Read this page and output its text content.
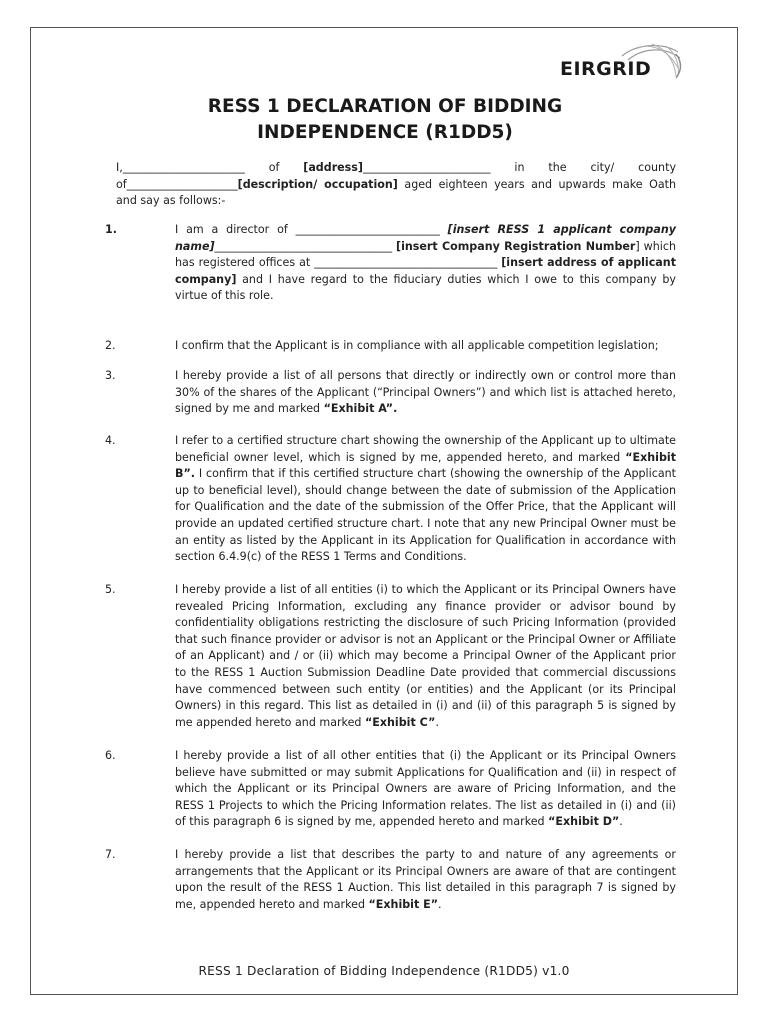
EIRGRID
RESS 1 DECLARATION OF BIDDING
INDEPENDENCE (R1DD5)
I,______________________ of [address]_______________________ in the city/ county of____________________[description/ occupation] aged eighteen years and upwards make Oath and say as follows:-
1.	I am a director of __________________________ [insert RESS 1 applicant company name]________________________________ [insert Company Registration Number] which has registered offices at _________________________________ [insert address of applicant company] and I have regard to the fiduciary duties which I owe to this company by virtue of this role.
2.	I confirm that the Applicant is in compliance with all applicable competition legislation;
3.	I hereby provide a list of all persons that directly or indirectly own or control more than 30% of the shares of the Applicant (“Principal Owners”) and which list is attached hereto, signed by me and marked “Exhibit A”.
4.	I refer to a certified structure chart showing the ownership of the Applicant up to ultimate beneficial owner level, which is signed by me, appended hereto, and marked “Exhibit B”. I confirm that if this certified structure chart (showing the ownership of the Applicant up to beneficial level), should change between the date of submission of the Application for Qualification and the date of the submission of the Offer Price, that the Applicant will provide an updated certified structure chart. I note that any new Principal Owner must be an entity as listed by the Applicant in its Application for Qualification in accordance with section 6.4.9(c) of the RESS 1 Terms and Conditions.
5.	I hereby provide a list of all entities (i) to which the Applicant or its Principal Owners have revealed Pricing Information, excluding any finance provider or advisor bound by confidentiality obligations restricting the disclosure of such Pricing Information (provided that such finance provider or advisor is not an Applicant or the Principal Owner or Affiliate of an Applicant) and / or (ii) which may become a Principal Owner of the Applicant prior to the RESS 1 Auction Submission Deadline Date provided that commercial discussions have commenced between such entity (or entities) and the Applicant (or its Principal Owners) in this regard. This list as detailed in (i) and (ii) of this paragraph 5 is signed by me appended hereto and marked “Exhibit C”.
6.	I hereby provide a list of all other entities that (i) the Applicant or its Principal Owners believe have submitted or may submit Applications for Qualification and (ii) in respect of which the Applicant or its Principal Owners are aware of Pricing Information, and the RESS 1 Projects to which the Pricing Information relates. The list as detailed in (i) and (ii) of this paragraph 6 is signed by me, appended hereto and marked “Exhibit D”.
7.	I hereby provide a list that describes the party to and nature of any agreements or arrangements that the Applicant or its Principal Owners are aware of that are contingent upon the result of the RESS 1 Auction. This list detailed in this paragraph 7 is signed by me, appended hereto and marked “Exhibit E”.
RESS 1 Declaration of Bidding Independence (R1DD5) v1.0
